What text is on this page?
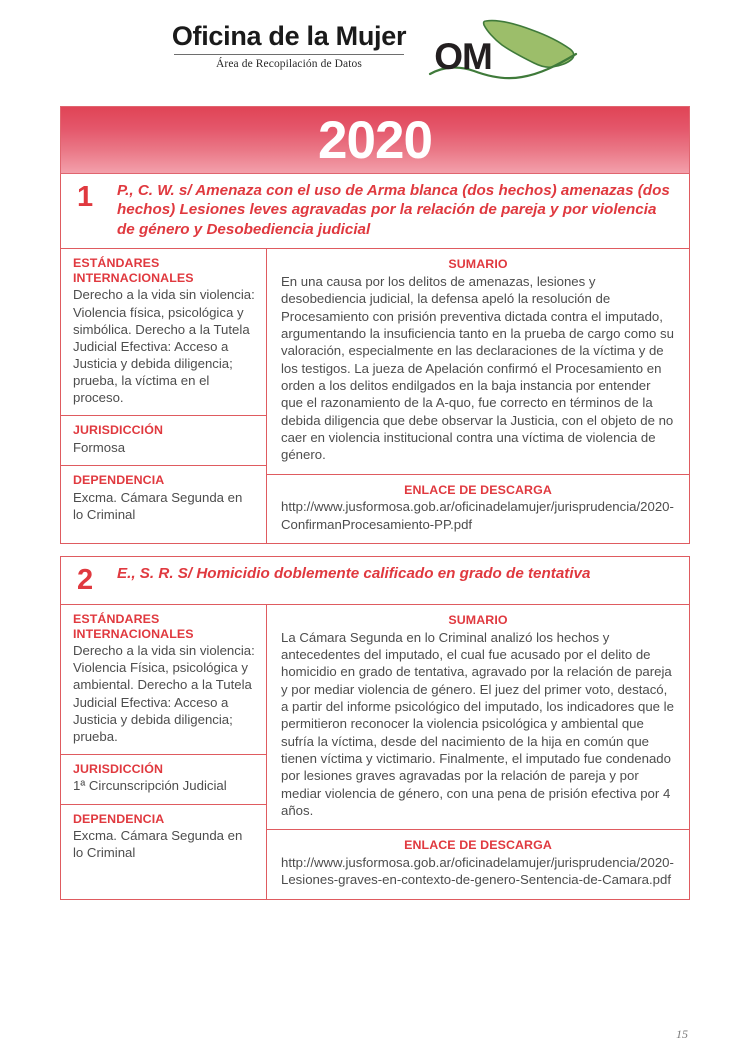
Oficina de la Mujer
Área de Recopilación de Datos	OM
2020
1	P., C. W. s/ Amenaza con el uso de Arma blanca (dos hechos) amenazas (dos hechos) Lesiones leves agravadas por la relación de pareja y por violencia de género y Desobediencia judicial
ESTÁNDARES
INTERNACIONALES
Derecho a la vida sin violencia: Violencia física, psicológica y simbólica. Derecho a la Tutela Judicial Efectiva: Acceso a Justicia y debida diligencia; prueba, la víctima en el proceso.
JURISDICCIÓN
Formosa
DEPENDENCIA
Excma. Cámara Segunda en lo Criminal
SUMARIO
En una causa por los delitos de amenazas, lesiones y desobediencia judicial, la defensa apeló la resolución de Procesamiento con prisión preventiva dictada contra el imputado, argumentando la insuficiencia tanto en la prueba de cargo como su valoración, especialmente en las declaraciones de la víctima y de los testigos. La jueza de Apelación confirmó el Procesamiento en orden a los delitos endilgados en la baja instancia por entender que el razonamiento de la A-quo, fue correcto en términos de la debida diligencia que debe observar la Justicia, con el objeto de no caer en violencia institucional contra una víctima de violencia de género.
ENLACE DE DESCARGA
http://www.jusformosa.gob.ar/oficinadelamujer/jurisprudencia/2020-ConfirmanProcesamiento-PP.pdf
2	E., S. R. S/ Homicidio doblemente calificado en grado de tentativa
ESTÁNDARES
INTERNACIONALES
Derecho a la vida sin violencia: Violencia Física, psicológica y ambiental. Derecho a la Tutela Judicial Efectiva: Acceso a Justicia y debida diligencia; prueba.
JURISDICCIÓN
1ª Circunscripción Judicial
DEPENDENCIA
Excma. Cámara Segunda en lo Criminal
SUMARIO
La Cámara Segunda en lo Criminal analizó los hechos y antecedentes del imputado, el cual fue acusado por el delito de homicidio en grado de tentativa, agravado por la relación de pareja y por mediar violencia de género. El juez del primer voto, destacó, a partir del informe psicológico del imputado, los indicadores que le permitieron reconocer la violencia psicológica y ambiental que sufría la víctima, desde del nacimiento de la hija en común que tienen víctima y victimario. Finalmente, el imputado fue condenado por lesiones graves agravadas por la relación de pareja y por mediar violencia de género, con una pena de prisión efectiva por 4 años.
ENLACE DE DESCARGA
http://www.jusformosa.gob.ar/oficinadelamujer/jurisprudencia/2020-Lesiones-graves-en-contexto-de-genero-Sentencia-de-Camara.pdf
15
